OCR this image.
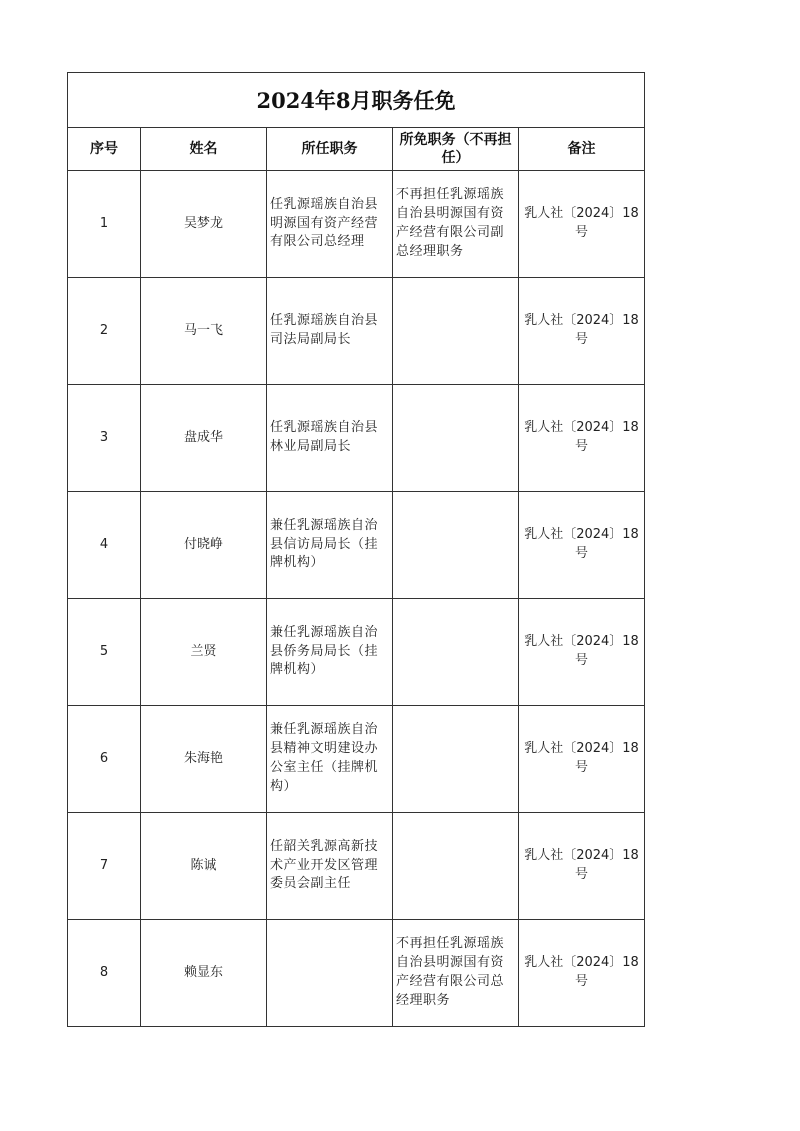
2024年8月职务任免				
序号	姓名	所任职务	所免职务（不再担任）	备注
1	吴梦龙	任乳源瑶族自治县明源国有资产经营有限公司总经理	不再担任乳源瑶族自治县明源国有资产经营有限公司副总经理职务	乳人社〔2024〕18号
2	马一飞	任乳源瑶族自治县司法局副局长		乳人社〔2024〕18号
3	盘成华	任乳源瑶族自治县林业局副局长		乳人社〔2024〕18号
4	付晓峥	兼任乳源瑶族自治县信访局局长（挂牌机构）		乳人社〔2024〕18号
5	兰贤	兼任乳源瑶族自治县侨务局局长（挂牌机构）		乳人社〔2024〕18号
6	朱海艳	兼任乳源瑶族自治县精神文明建设办公室主任（挂牌机构）		乳人社〔2024〕18号
7	陈诚	任韶关乳源高新技术产业开发区管理委员会副主任		乳人社〔2024〕18号
8	赖显东		不再担任乳源瑶族自治县明源国有资产经营有限公司总经理职务	乳人社〔2024〕18号
